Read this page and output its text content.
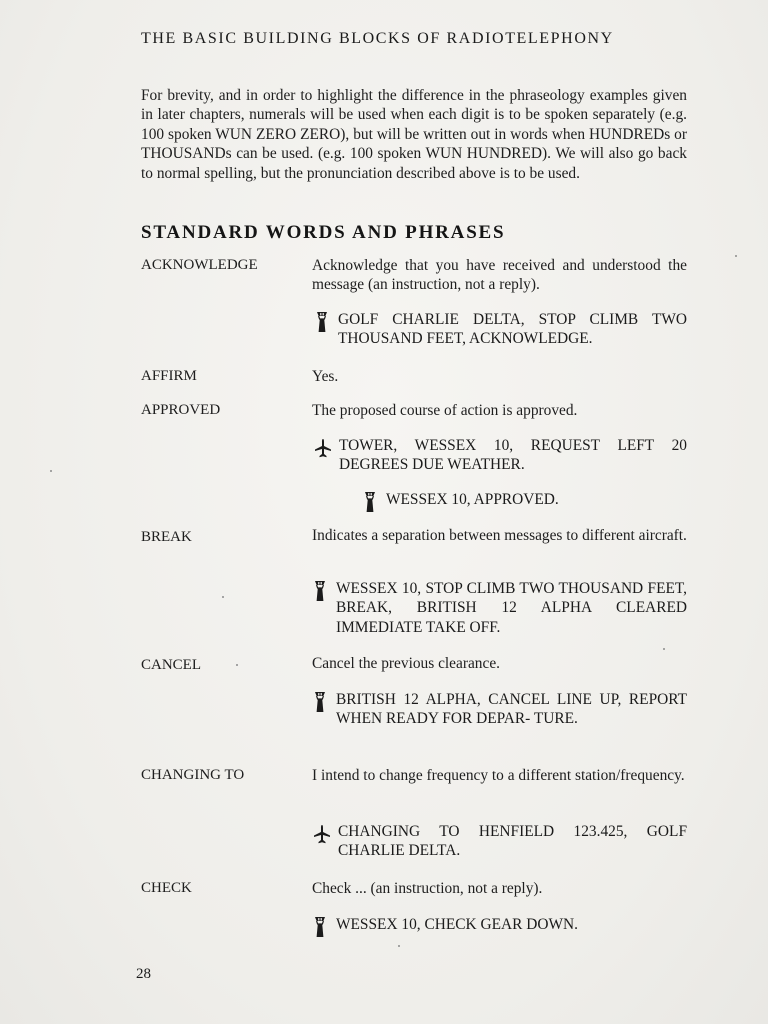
THE BASIC BUILDING BLOCKS OF RADIOTELEPHONY
For brevity, and in order to highlight the difference in the phraseology examples given in later chapters, numerals will be used when each digit is to be spoken separately (e.g. 100 spoken WUN ZERO ZERO), but will be written out in words when HUNDREDs or THOUSANDs can be used. (e.g. 100 spoken WUN HUNDRED). We will also go back to normal spelling, but the pronunciation described above is to be used.
STANDARD WORDS AND PHRASES
ACKNOWLEDGE	Acknowledge that you have received and understood the message (an instruction, not a reply).
GOLF CHARLIE DELTA, STOP CLIMB TWO THOUSAND FEET, ACKNOWLEDGE.
AFFIRM	Yes.
APPROVED	The proposed course of action is approved.
TOWER, WESSEX 10, REQUEST LEFT 20 DEGREES DUE WEATHER.
WESSEX 10, APPROVED.
BREAK	Indicates a separation between messages to different aircraft.
WESSEX 10, STOP CLIMB TWO THOUSAND FEET, BREAK, BRITISH 12 ALPHA CLEARED IMMEDIATE TAKE OFF.
CANCEL	Cancel the previous clearance.
BRITISH 12 ALPHA, CANCEL LINE UP, REPORT WHEN READY FOR DEPAR- TURE.
CHANGING TO	I intend to change frequency to a different station/frequency.
CHANGING TO HENFIELD 123.425, GOLF CHARLIE DELTA.
CHECK	Check ... (an instruction, not a reply).
WESSEX 10, CHECK GEAR DOWN.
28
